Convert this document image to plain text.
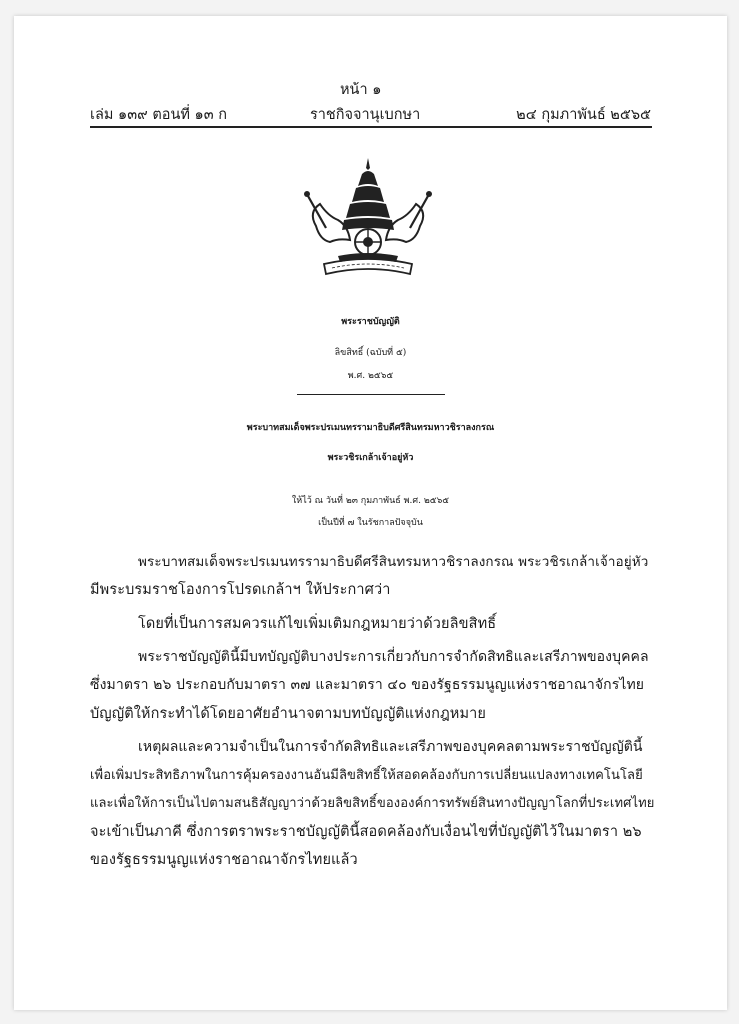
หน้า ๑
เล่ม ๑๓๙ ตอนที่ ๑๓ ก	ราชกิจจานุเบกษา	๒๔ กุมภาพันธ์ ๒๕๖๕
พระราชบัญญัติ
ลิขสิทธิ์ (ฉบับที่ ๕)
พ.ศ. ๒๕๖๕
พระบาทสมเด็จพระปรเมนทรรามาธิบดีศรีสินทรมหาวชิราลงกรณ
พระวชิรเกล้าเจ้าอยู่หัว
ให้ไว้ ณ วันที่ ๒๓ กุมภาพันธ์ พ.ศ. ๒๕๖๕
เป็นปีที่ ๗ ในรัชกาลปัจจุบัน
พระบาทสมเด็จพระปรเมนทรรามาธิบดีศรีสินทรมหาวชิราลงกรณ พระวชิรเกล้าเจ้าอยู่หัว
มีพระบรมราชโองการโปรดเกล้าฯ ให้ประกาศว่า
โดยที่เป็นการสมควรแก้ไขเพิ่มเติมกฎหมายว่าด้วยลิขสิทธิ์
พระราชบัญญัตินี้มีบทบัญญัติบางประการเกี่ยวกับการจำกัดสิทธิและเสรีภาพของบุคคล
ซึ่งมาตรา ๒๖ ประกอบกับมาตรา ๓๗ และมาตรา ๔๐ ของรัฐธรรมนูญแห่งราชอาณาจักรไทย
บัญญัติให้กระทำได้โดยอาศัยอำนาจตามบทบัญญัติแห่งกฎหมาย
เหตุผลและความจำเป็นในการจำกัดสิทธิและเสรีภาพของบุคคลตามพระราชบัญญัตินี้
เพื่อเพิ่มประสิทธิภาพในการคุ้มครองงานอันมีลิขสิทธิ์ให้สอดคล้องกับการเปลี่ยนแปลงทางเทคโนโลยี
และเพื่อให้การเป็นไปตามสนธิสัญญาว่าด้วยลิขสิทธิ์ขององค์การทรัพย์สินทางปัญญาโลกที่ประเทศไทย
จะเข้าเป็นภาคี ซึ่งการตราพระราชบัญญัตินี้สอดคล้องกับเงื่อนไขที่บัญญัติไว้ในมาตรา ๒๖
ของรัฐธรรมนูญแห่งราชอาณาจักรไทยแล้ว
